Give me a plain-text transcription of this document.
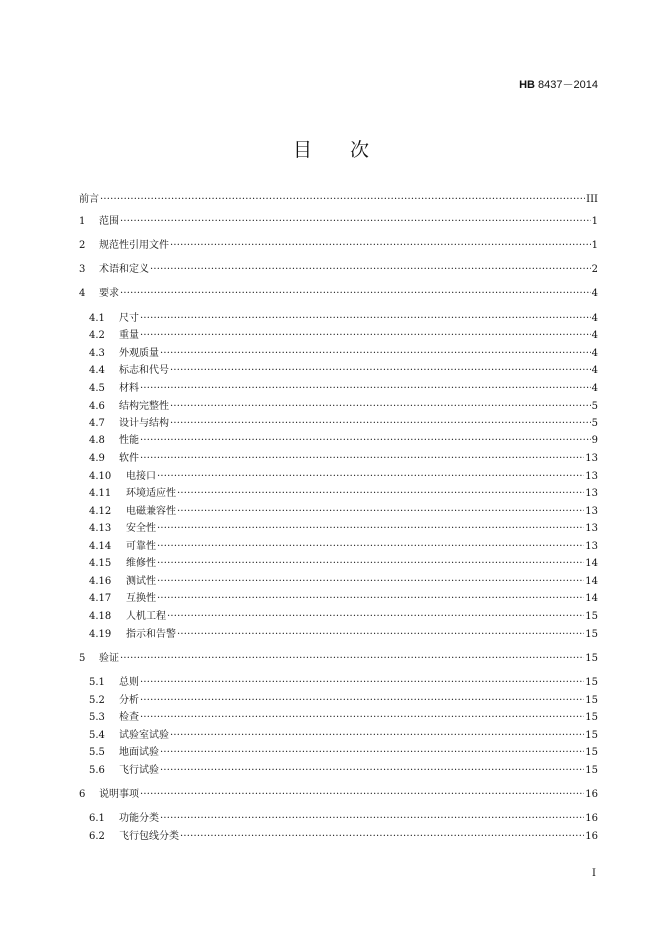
HB 8437－2014
目次
前言 ·····	III
1	范围 ·····	1
2	规范性引用文件 ·····	1
3	术语和定义 ·····	2
4	要求 ·····	4
4.1	尺寸 ·····	4
4.2	重量 ·····	4
4.3	外观质量 ·····	4
4.4	标志和代号 ·····	4
4.5	材料 ·····	4
4.6	结构完整性 ·····	5
4.7	设计与结构 ·····	5
4.8	性能 ·····	9
4.9	软件 ·····	13
4.10	电接口 ·····	13
4.11	环境适应性 ·····	13
4.12	电磁兼容性 ·····	13
4.13	安全性 ·····	13
4.14	可靠性 ·····	13
4.15	维修性 ·····	14
4.16	测试性 ·····	14
4.17	互换性 ·····	14
4.18	人机工程 ·····	15
4.19	指示和告警 ·····	15
5	验证 ·····	15
5.1	总则 ·····	15
5.2	分析 ·····	15
5.3	检查 ·····	15
5.4	试验室试验 ·····	15
5.5	地面试验 ·····	15
5.6	飞行试验 ·····	15
6	说明事项 ·····	16
6.1	功能分类 ·····	16
6.2	飞行包线分类 ·····	16
I
